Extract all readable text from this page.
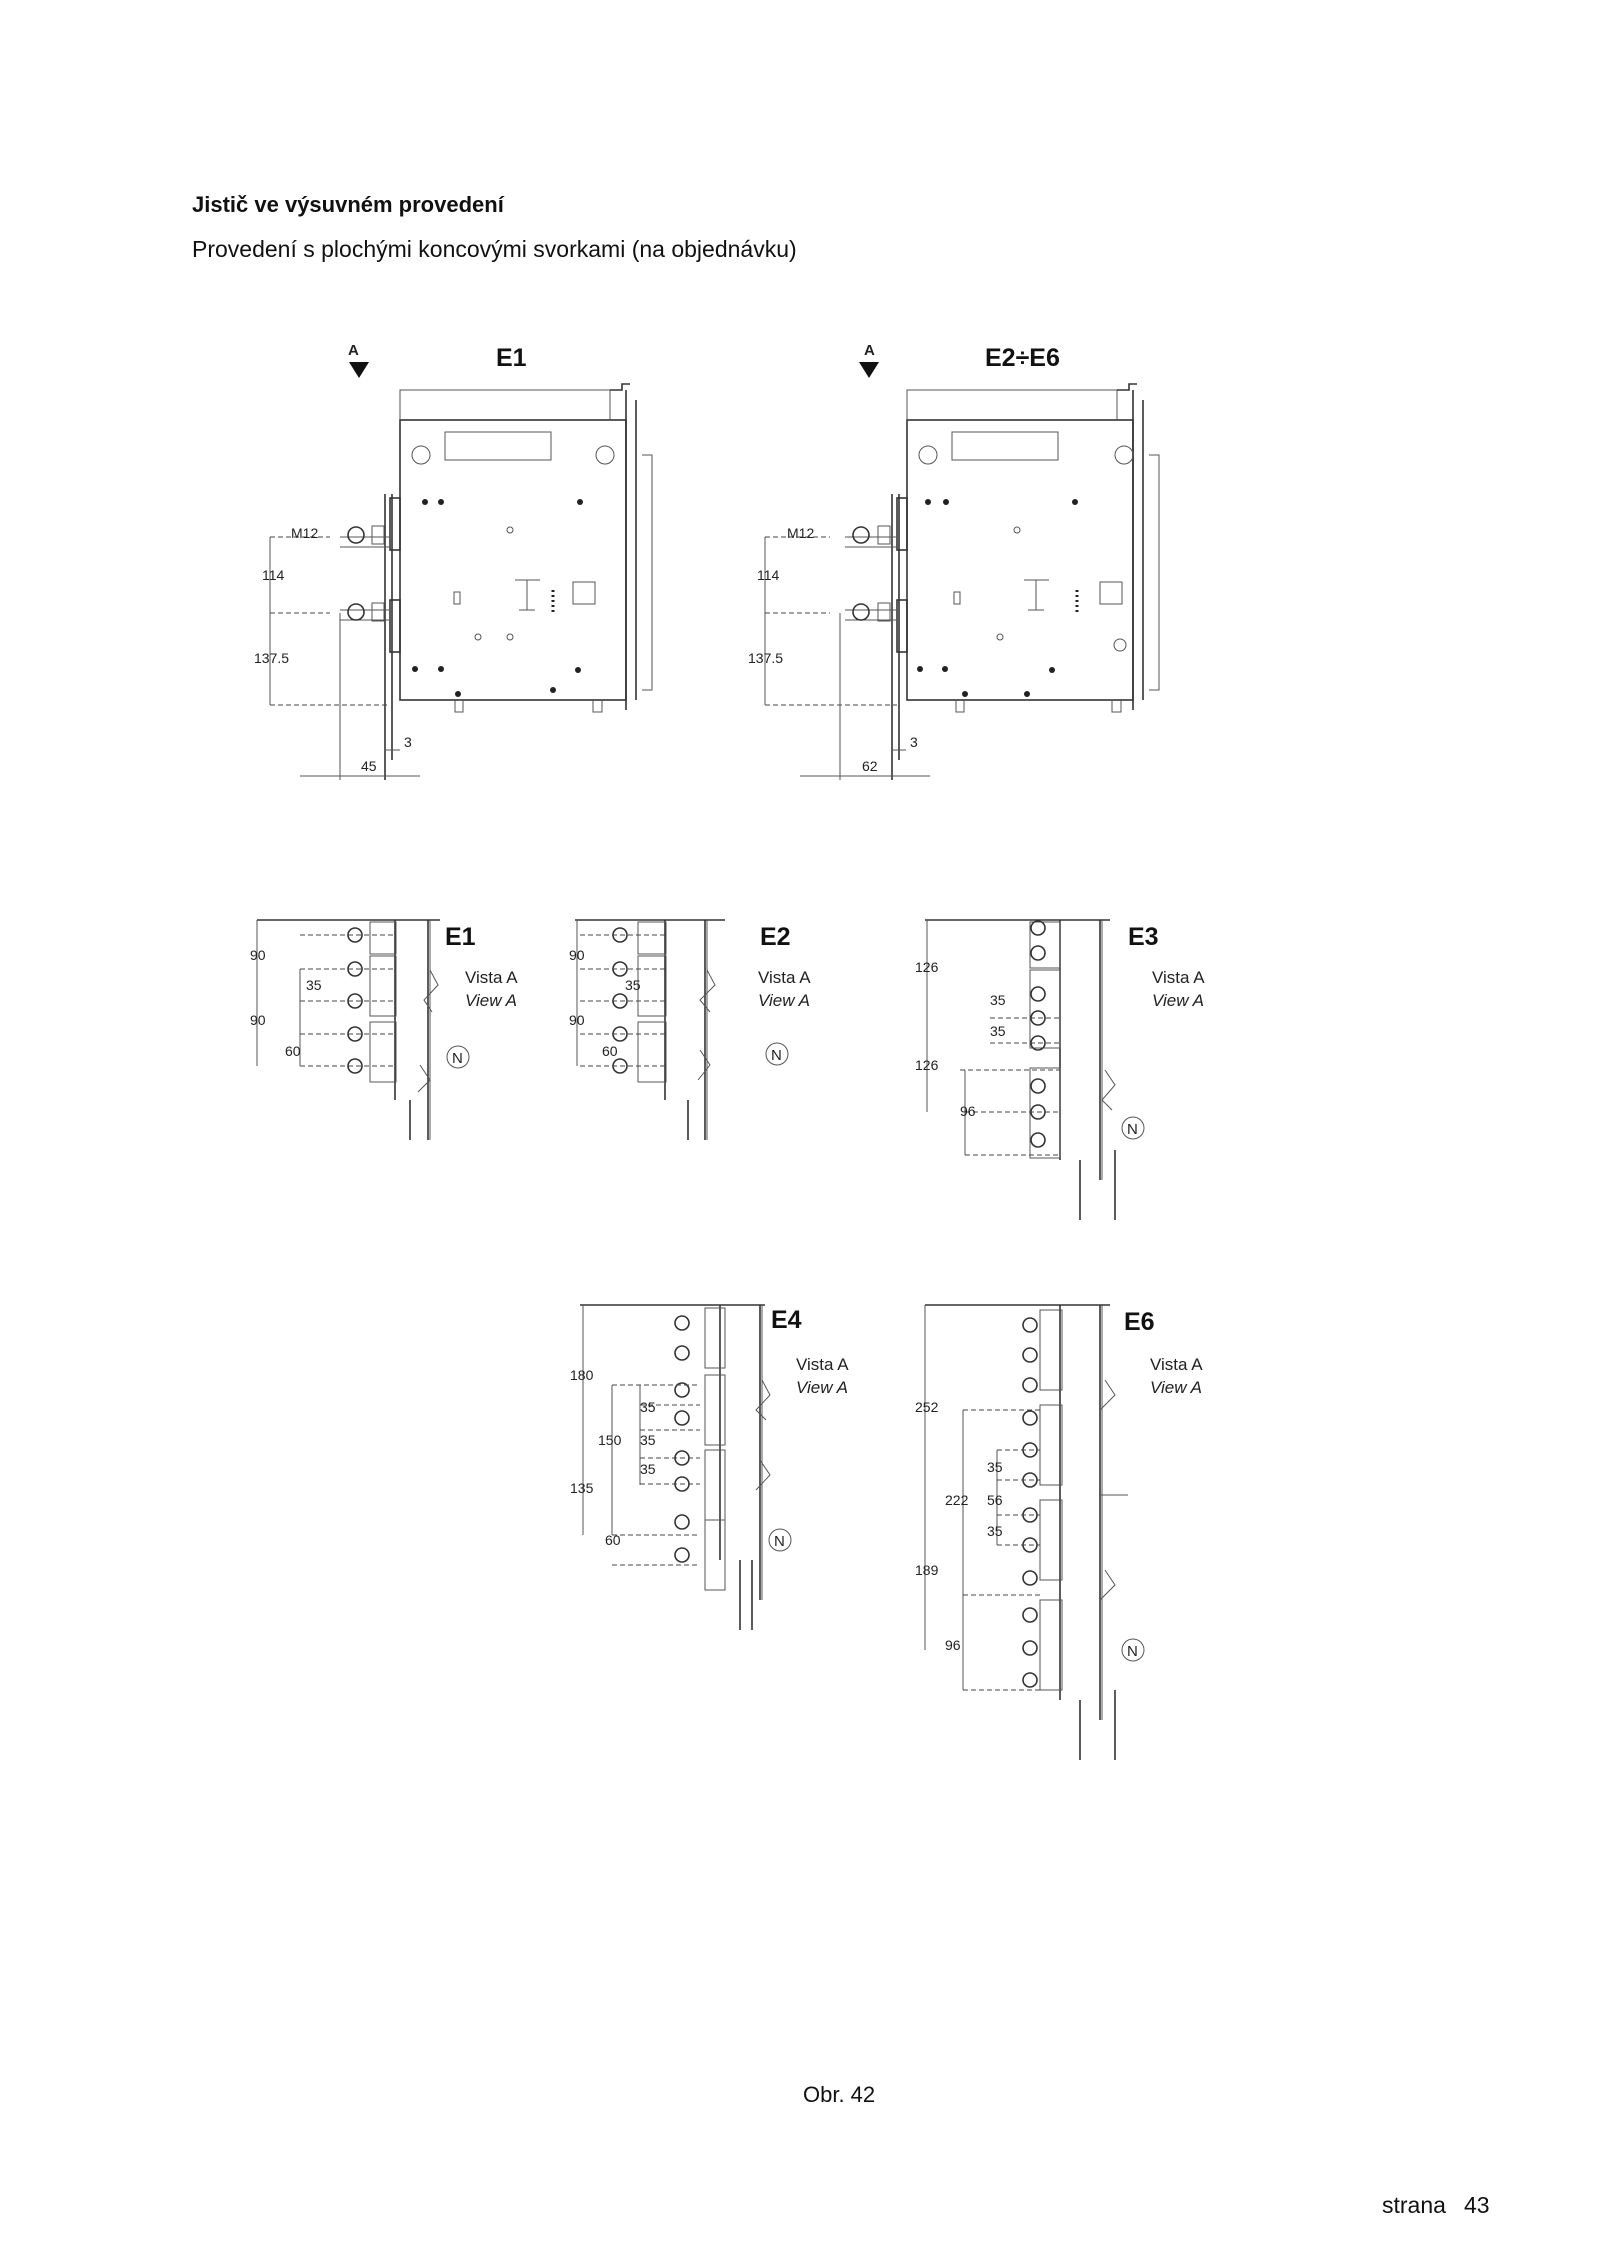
Jistič ve výsuvném provedení
Provedení s plochými koncovými svorkami (na objednávku)
A	E1
M12
114
137.5
3
45
A	E2÷E6
M12
114
137.5
3
62
E1
Vista A
View A
N
90
35
90
60
E2
Vista A
View A
N
90
35
90
60
E3
Vista A
View A
N
126
35
35
126
96
E4
Vista A
View A
N
180
35
150 35
35
135
60
E6
Vista A
View A
N
252
35
222 56
35
189
96
Obr. 42
strana 43
